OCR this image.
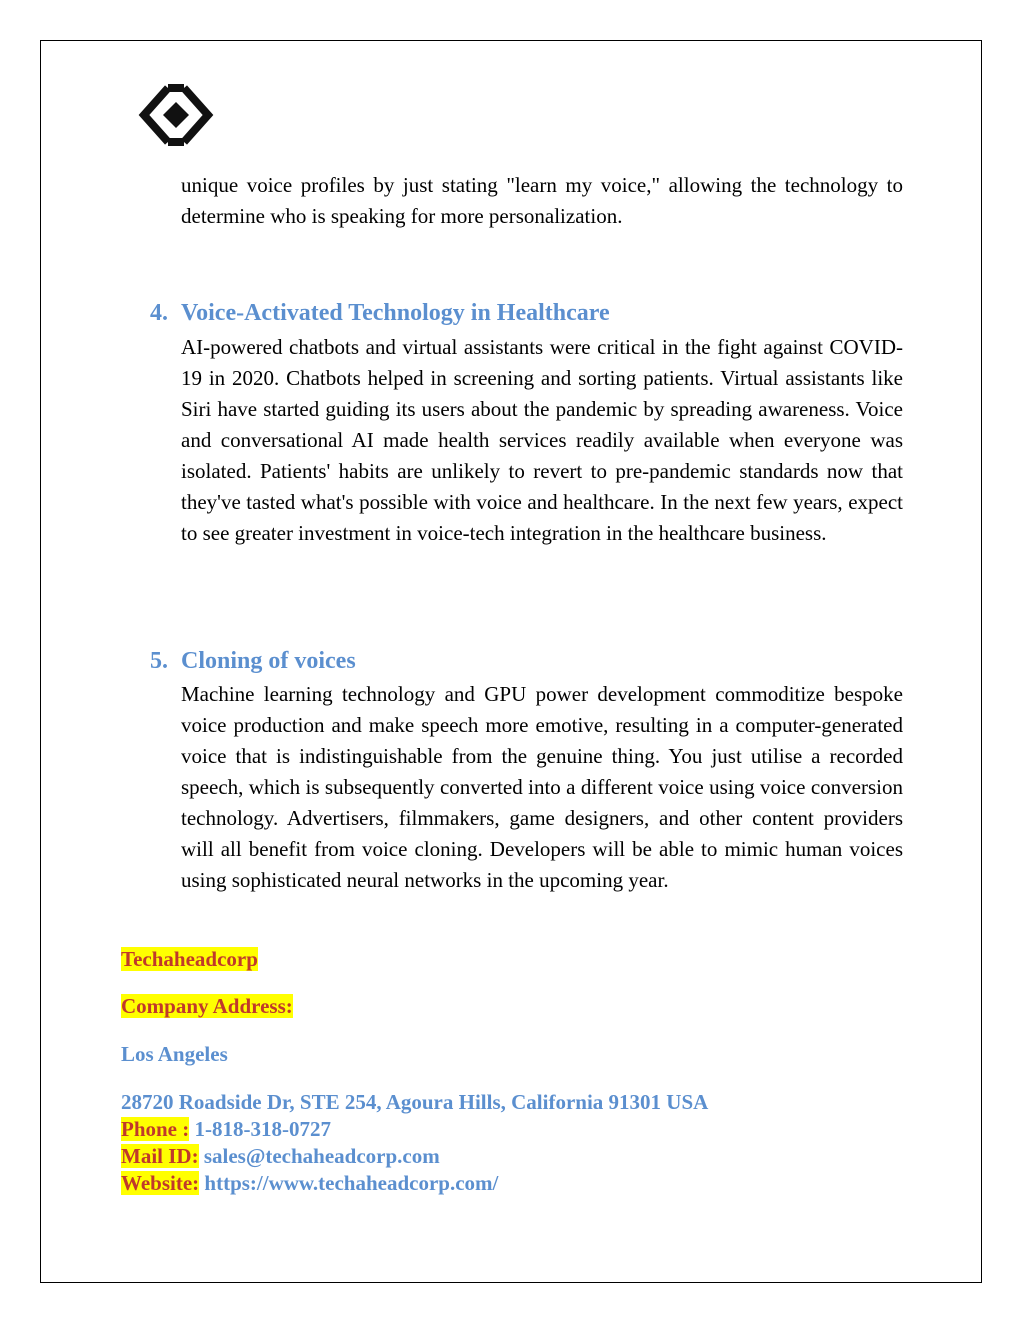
unique voice profiles by just stating "learn my voice," allowing the technology to determine who is speaking for more personalization.

4. Voice-Activated Technology in Healthcare

AI-powered chatbots and virtual assistants were critical in the fight against COVID-19 in 2020. Chatbots helped in screening and sorting patients. Virtual assistants like Siri have started guiding its users about the pandemic by spreading awareness. Voice and conversational AI made health services readily available when everyone was isolated. Patients' habits are unlikely to revert to pre-pandemic standards now that they've tasted what's possible with voice and healthcare. In the next few years, expect to see greater investment in voice-tech integration in the healthcare business.

5. Cloning of voices

Machine learning technology and GPU power development commoditize bespoke voice production and make speech more emotive, resulting in a computer-generated voice that is indistinguishable from the genuine thing. You just utilise a recorded speech, which is subsequently converted into a different voice using voice conversion technology. Advertisers, filmmakers, game designers, and other content providers will all benefit from voice cloning. Developers will be able to mimic human voices using sophisticated neural networks in the upcoming year.

Techaheadcorp

Company Address:

Los Angeles

28720 Roadside Dr, STE 254, Agoura Hills, California 91301 USA

Phone : 1-818-318-0727

Mail ID: sales@techaheadcorp.com

Website: https://www.techaheadcorp.com/
